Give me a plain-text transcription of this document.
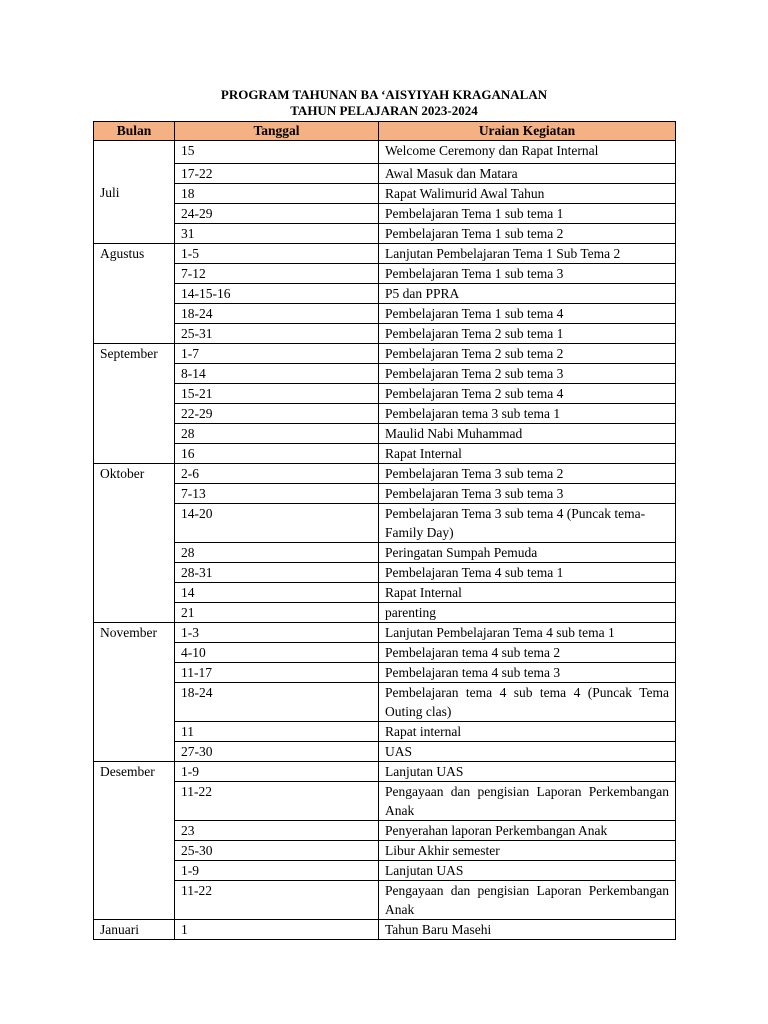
PROGRAM TAHUNAN BA ‘AISYIYAH KRAGANALAN
TAHUN PELAJARAN 2023-2024
Bulan	Tanggal	Uraian Kegiatan
Juli	15	Welcome Ceremony dan Rapat Internal
	17-22	Awal Masuk dan Matara
	18	Rapat Walimurid Awal Tahun
	24-29	Pembelajaran Tema 1 sub tema 1
	31	Pembelajaran Tema 1 sub tema 2
Agustus	1-5	Lanjutan Pembelajaran Tema 1 Sub Tema 2
	7-12	Pembelajaran Tema 1 sub tema 3
	14-15-16	P5 dan PPRA
	18-24	Pembelajaran Tema 1 sub tema 4
	25-31	Pembelajaran Tema 2 sub tema 1
September	1-7	Pembelajaran Tema 2 sub tema 2
	8-14	Pembelajaran Tema 2 sub tema 3
	15-21	Pembelajaran Tema 2 sub tema 4
	22-29	Pembelajaran tema 3 sub tema 1
	28	Maulid Nabi Muhammad
	16	Rapat Internal
Oktober	2-6	Pembelajaran Tema 3 sub tema 2
	7-13	Pembelajaran Tema 3 sub tema 3
	14-20	Pembelajaran Tema 3 sub tema 4 (Puncak tema-Family Day)
	28	Peringatan Sumpah Pemuda
	28-31	Pembelajaran Tema 4 sub tema 1
	14	Rapat Internal
	21	parenting
November	1-3	Lanjutan Pembelajaran Tema 4 sub tema 1
	4-10	Pembelajaran tema 4 sub tema 2
	11-17	Pembelajaran tema 4 sub tema 3
	18-24	Pembelajaran tema 4 sub tema 4 (Puncak Tema Outing clas)
	11	Rapat internal
	27-30	UAS
Desember	1-9	Lanjutan UAS
	11-22	Pengayaan dan pengisian Laporan Perkembangan Anak
	23	Penyerahan laporan Perkembangan Anak
	25-30	Libur Akhir semester
	1-9	Lanjutan UAS
	11-22	Pengayaan dan pengisian Laporan Perkembangan Anak
Januari	1	Tahun Baru Masehi
